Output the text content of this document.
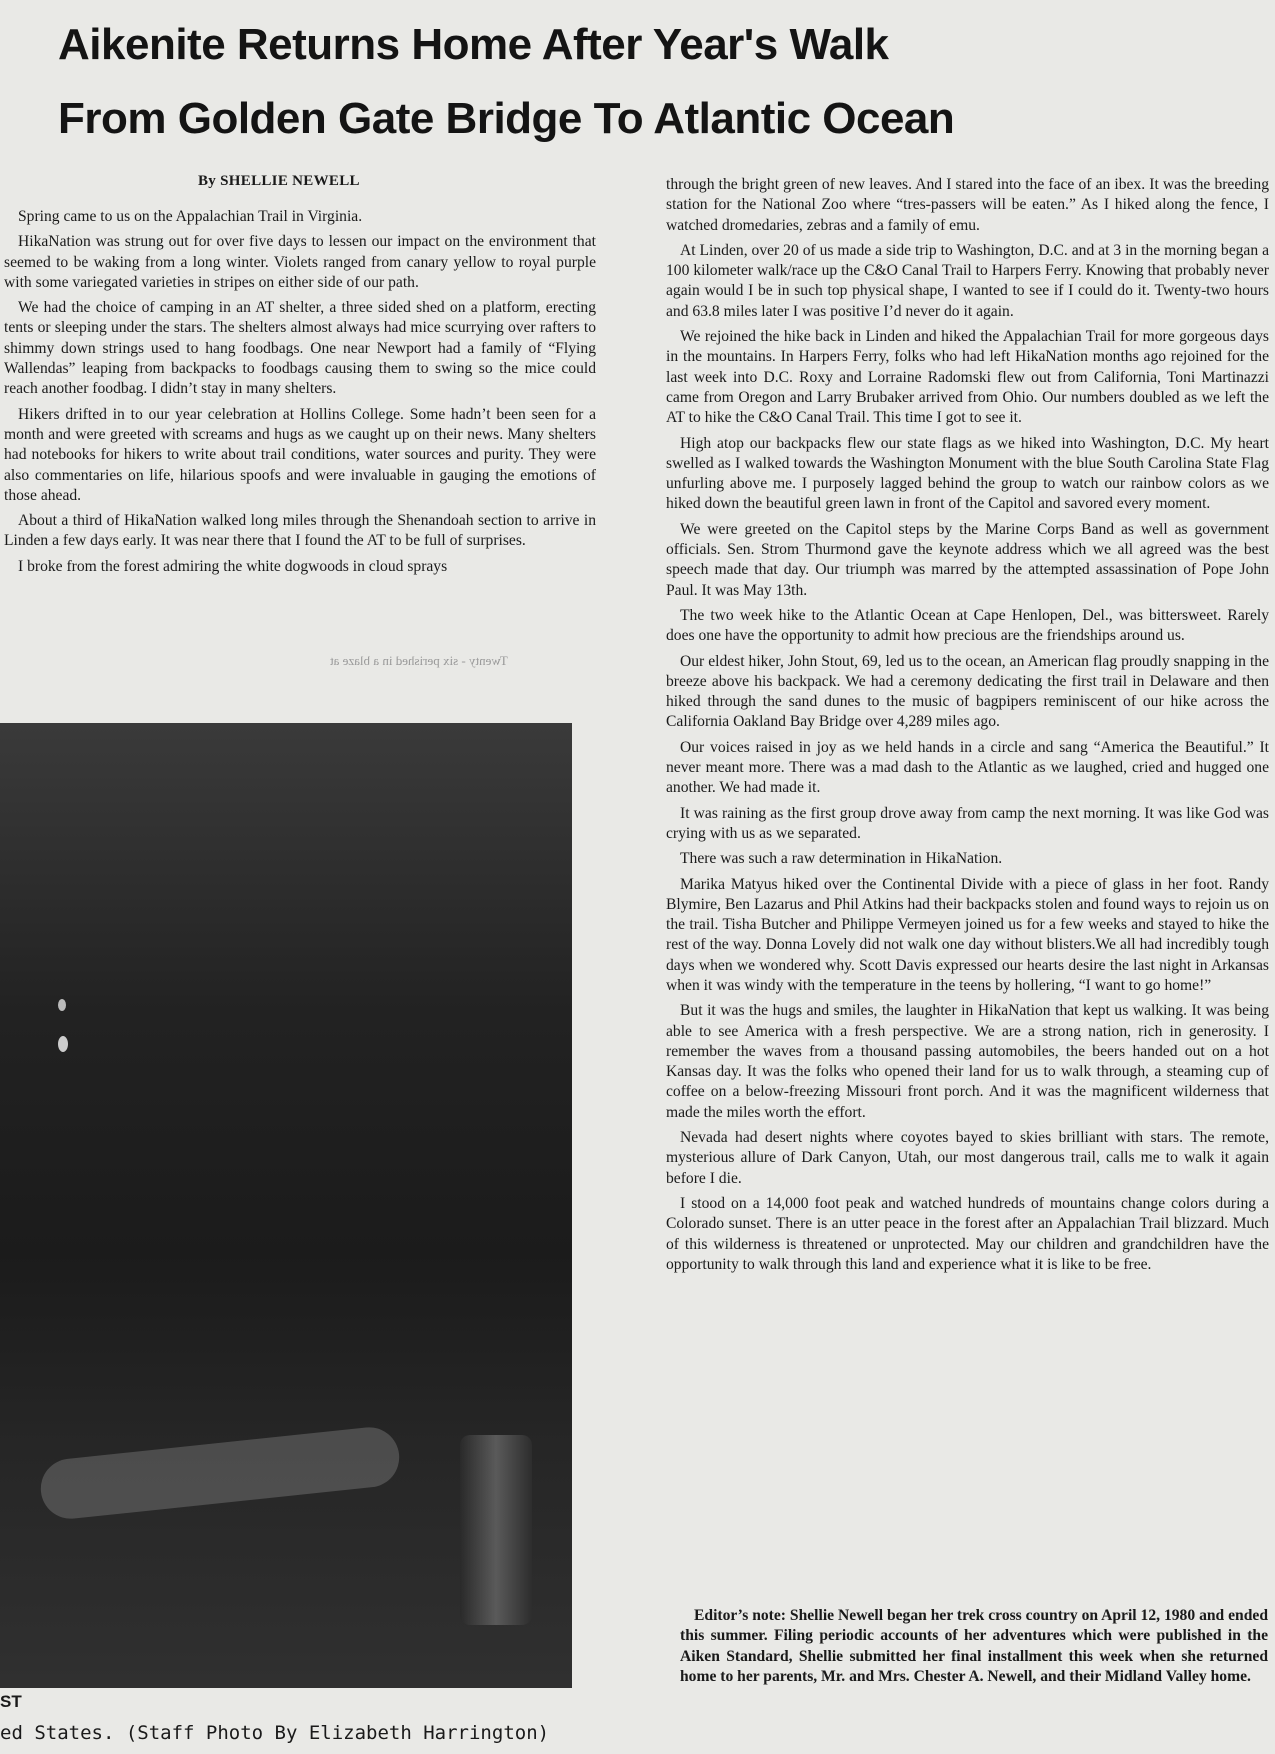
Aikenite Returns Home After Year's Walk
From Golden Gate Bridge To Atlantic Ocean
By SHELLIE NEWELL

Spring came to us on the Appalachian Trail in Virginia.

HikaNation was strung out for over five days to lessen our impact on the environment that seemed to be waking from a long winter. Violets ranged from canary yellow to royal purple with some variegated varieties in stripes on either side of our path.

We had the choice of camping in an AT shelter, a three sided shed on a platform, erecting tents or sleeping under the stars. The shelters almost always had mice scurrying over rafters to shimmy down strings used to hang foodbags. One near Newport had a family of “Flying Wallendas” leaping from backpacks to foodbags causing them to swing so the mice could reach another foodbag. I didn’t stay in many shelters.

Hikers drifted in to our year celebration at Hollins College. Some hadn’t been seen for a month and were greeted with screams and hugs as we caught up on their news. Many shelters had notebooks for hikers to write about trail conditions, water sources and purity. They were also commentaries on life, hilarious spoofs and were invaluable in gauging the emotions of those ahead.

About a third of HikaNation walked long miles through the Shenandoah section to arrive in Linden a few days early. It was near there that I found the AT to be full of surprises.

I broke from the forest admiring the white dogwoods in cloud sprays

Twenty - six perished in a blaze at
ST
ed States. (Staff Photo By Elizabeth Harrington)

through the bright green of new leaves. And I stared into the face of an ibex. It was the breeding station for the National Zoo where “tres-passers will be eaten.” As I hiked along the fence, I watched dromedaries, zebras and a family of emu.

At Linden, over 20 of us made a side trip to Washington, D.C. and at 3 in the morning began a 100 kilometer walk/race up the C&O Canal Trail to Harpers Ferry. Knowing that probably never again would I be in such top physical shape, I wanted to see if I could do it. Twenty-two hours and 63.8 miles later I was positive I’d never do it again.

We rejoined the hike back in Linden and hiked the Appalachian Trail for more gorgeous days in the mountains. In Harpers Ferry, folks who had left HikaNation months ago rejoined for the last week into D.C. Roxy and Lorraine Radomski flew out from California, Toni Martinazzi came from Oregon and Larry Brubaker arrived from Ohio. Our numbers doubled as we left the AT to hike the C&O Canal Trail. This time I got to see it.

High atop our backpacks flew our state flags as we hiked into Washington, D.C. My heart swelled as I walked towards the Washington Monument with the blue South Carolina State Flag unfurling above me. I purposely lagged behind the group to watch our rainbow colors as we hiked down the beautiful green lawn in front of the Capitol and savored every moment.

We were greeted on the Capitol steps by the Marine Corps Band as well as government officials. Sen. Strom Thurmond gave the keynote address which we all agreed was the best speech made that day. Our triumph was marred by the attempted assassination of Pope John Paul. It was May 13th.

The two week hike to the Atlantic Ocean at Cape Henlopen, Del., was bittersweet. Rarely does one have the opportunity to admit how precious are the friendships around us.

Our eldest hiker, John Stout, 69, led us to the ocean, an American flag proudly snapping in the breeze above his backpack. We had a ceremony dedicating the first trail in Delaware and then hiked through the sand dunes to the music of bagpipers reminiscent of our hike across the California Oakland Bay Bridge over 4,289 miles ago.

Our voices raised in joy as we held hands in a circle and sang “America the Beautiful.” It never meant more. There was a mad dash to the Atlantic as we laughed, cried and hugged one another. We had made it.

It was raining as the first group drove away from camp the next morning. It was like God was crying with us as we separated.

There was such a raw determination in HikaNation.

Marika Matyus hiked over the Continental Divide with a piece of glass in her foot. Randy Blymire, Ben Lazarus and Phil Atkins had their backpacks stolen and found ways to rejoin us on the trail. Tisha Butcher and Philippe Vermeyen joined us for a few weeks and stayed to hike the rest of the way. Donna Lovely did not walk one day without blisters.We all had incredibly tough days when we wondered why. Scott Davis expressed our hearts desire the last night in Arkansas when it was windy with the temperature in the teens by hollering, “I want to go home!”

But it was the hugs and smiles, the laughter in HikaNation that kept us walking. It was being able to see America with a fresh perspective. We are a strong nation, rich in generosity. I remember the waves from a thousand passing automobiles, the beers handed out on a hot Kansas day. It was the folks who opened their land for us to walk through, a steaming cup of coffee on a below-freezing Missouri front porch. And it was the magnificent wilderness that made the miles worth the effort.

Nevada had desert nights where coyotes bayed to skies brilliant with stars. The remote, mysterious allure of Dark Canyon, Utah, our most dangerous trail, calls me to walk it again before I die.

I stood on a 14,000 foot peak and watched hundreds of mountains change colors during a Colorado sunset. There is an utter peace in the forest after an Appalachian Trail blizzard. Much of this wilderness is threatened or unprotected. May our children and grandchildren have the opportunity to walk through this land and experience what it is like to be free.

Editor’s note: Shellie Newell began her trek cross country on April 12, 1980 and ended this summer. Filing periodic accounts of her adventures which were published in the Aiken Standard, Shellie submitted her final installment this week when she returned home to her parents, Mr. and Mrs. Chester A. Newell, and their Midland Valley home.
